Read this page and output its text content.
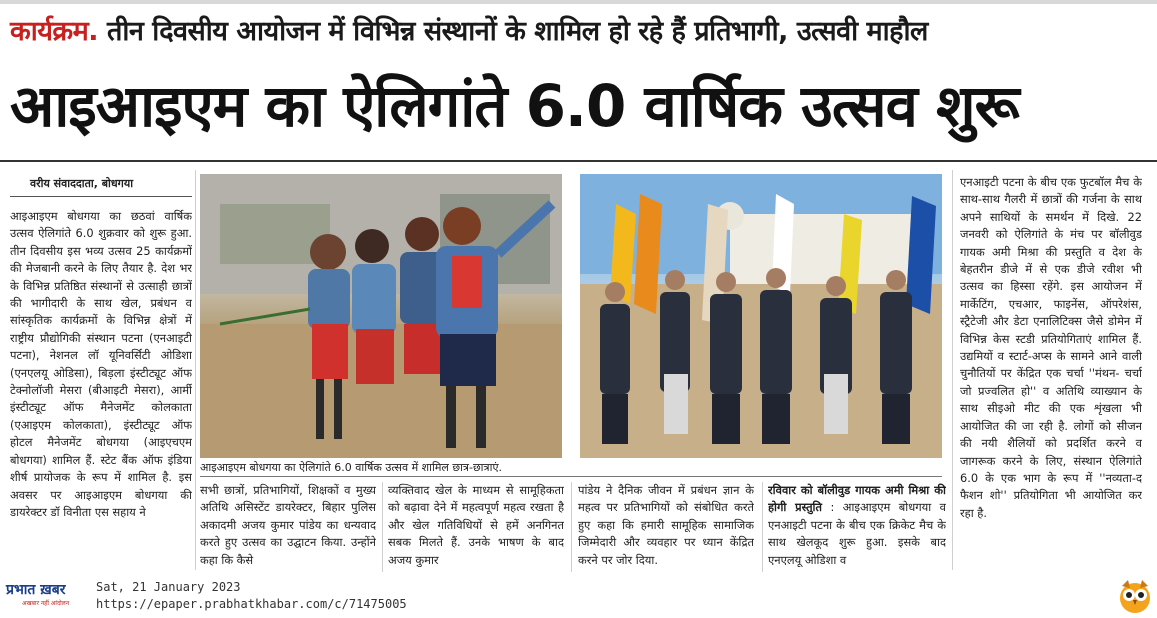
कार्यक्रम. तीन दिवसीय आयोजन में विभिन्न संस्थानों के शामिल हो रहे हैं प्रतिभागी, उत्सवी माहौल
आइआइएम का ऐलिगांते 6.0 वार्षिक उत्सव शुरू
वरीय संवाददाता, बोधगया
आइआइएम बोधगया का छठवां वार्षिक उत्सव ऐलिगांते 6.0 शुक्रवार को शुरू हुआ. तीन दिवसीय इस भव्य उत्सव 25 कार्यक्रमों की मेजबानी करने के लिए तैयार है. देश भर के विभिन्न प्रतिष्ठित संस्थानों से उत्साही छात्रों की भागीदारी के साथ खेल, प्रबंधन व सांस्कृतिक कार्यक्रमों के विभिन्न क्षेत्रों में राष्ट्रीय प्रौद्योगिकी संस्थान पटना (एनआइटी पटना), नेशनल लॉ यूनिवर्सिटी ओडिशा (एनएलयू ओडिसा), बिड़ला इंस्टीट्यूट ऑफ टेक्नोलॉजी मेसरा (बीआइटी मेसरा), आर्मी इंस्टीट्यूट ऑफ मैनेजमेंट कोलकाता (एआइएम कोलकाता), इंस्टीट्यूट ऑफ होटल मैनेजमेंट बोधगया (आइएचएम बोधगया) शामिल हैं. स्टेट बैंक ऑफ इंडिया शीर्ष प्रायोजक के रूप में शामिल है. इस अवसर पर आइआइएम बोधगया की डायरेक्टर डॉ विनीता एस सहाय ने
आइआइएम बोधगया का ऐलिगांते 6.0 वार्षिक उत्सव में शामिल छात्र-छात्राएं.
सभी छात्रों, प्रतिभागियों, शिक्षकों व मुख्य अतिथि असिस्टेंट डायरेक्टर, बिहार पुलिस अकादमी अजय कुमार पांडेय का धन्यवाद करते हुए उत्सव का उद्घाटन किया. उन्होंने कहा कि कैसे
व्यक्तिवाद खेल के माध्यम से सामूहिकता को बढ़ावा देने में महत्वपूर्ण महत्व रखता है और खेल गतिविधियों से हमें अनगिनत सबक मिलते हैं. उनके भाषण के बाद अजय कुमार
पांडेय ने दैनिक जीवन में प्रबंधन ज्ञान के महत्व पर प्रतिभागियों को संबोधित करते हुए कहा कि हमारी सामूहिक सामाजिक जिम्मेदारी और व्यवहार पर ध्यान केंद्रित करने पर जोर दिया.
रविवार को बॉलीवुड गायक अमी मिश्रा की होगी प्रस्तुति : आइआइएम बोधगया व एनआइटी पटना के बीच एक क्रिकेट मैच के साथ खेलकूद शुरू हुआ. इसके बाद एनएलयू ओडिशा व
एनआइटी पटना के बीच एक फुटबॉल मैच के साथ-साथ गैलरी में छात्रों की गर्जना के साथ अपने साथियों के समर्थन में दिखे. 22 जनवरी को ऐलिगांते के मंच पर बॉलीवुड गायक अमी मिश्रा की प्रस्तुति व देश के बेहतरीन डीजे में से एक डीजे रवीश भी उत्सव का हिस्सा रहेंगे. इस आयोजन में मार्केटिंग, एचआर, फाइनेंस, ऑपरेशंस, स्ट्रैटेजी और डेटा एनालिटिक्स जैसे डोमेन में विभिन्न केस स्टडी प्रतियोगिताएं शामिल हैं. उद्यमियों व स्टार्ट-अप्स के सामने आने वाली चुनौतियों पर केंद्रित एक चर्चा ''मंथन- चर्चा जो प्रज्वलित हो'' व अतिथि व्याख्यान के साथ सीइओ मीट की एक शृंखला भी आयोजित की जा रही है. लोगों को सीजन की नयी शैलियों को प्रदर्शित करने व जागरूक करने के लिए, संस्थान ऐलिगांते 6.0 के एक भाग के रूप में ''नव्यता-द फैशन शो'' प्रतियोगिता भी आयोजित कर रहा है.
प्रभात ख़बर
अखबार नहीं आंदोलन
Sat, 21 January 2023
https://epaper.prabhatkhabar.com/c/71475005
